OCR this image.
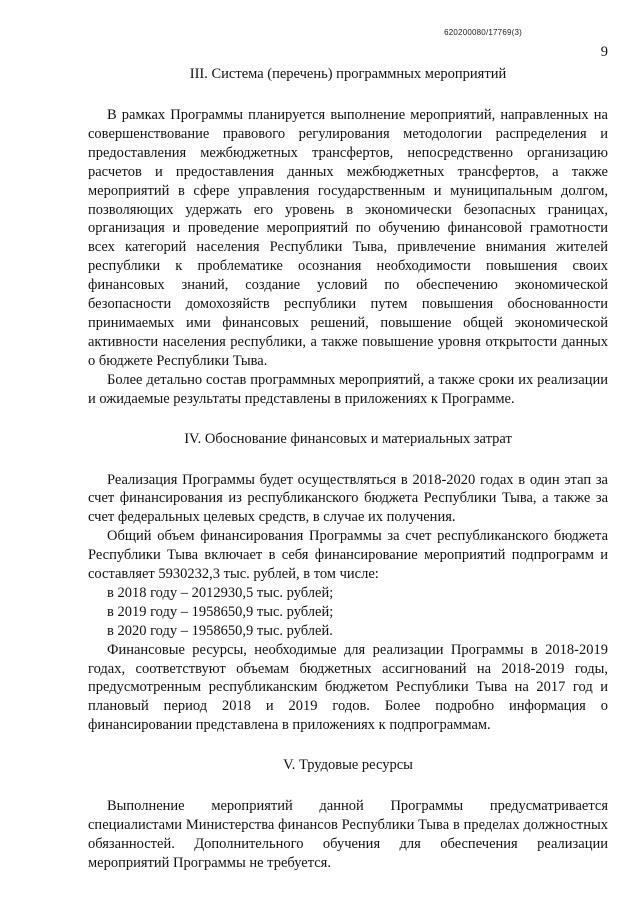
620200080/17769(3)
9
III. Система (перечень) программных мероприятий

В рамках Программы планируется выполнение мероприятий, направленных на совершенствование правового регулирования методологии распределения и предоставления межбюджетных трансфертов, непосредственно организацию расчетов и предоставления данных межбюджетных трансфертов, а также мероприятий в сфере управления государственным и муниципальным долгом, позволяющих удержать его уровень в экономически безопасных границах, организация и проведение мероприятий по обучению финансовой грамотности всех категорий населения Республики Тыва, привлечение внимания жителей республики к проблематике осознания необходимости повышения своих финансовых знаний, создание условий по обеспечению экономической безопасности домохозяйств республики путем повышения обоснованности принимаемых ими финансовых решений, повышение общей экономической активности населения республики, а также повышение уровня открытости данных о бюджете Республики Тыва.

Более детально состав программных мероприятий, а также сроки их реализации и ожидаемые результаты представлены в приложениях к Программе.

IV. Обоснование финансовых и материальных затрат

Реализация Программы будет осуществляться в 2018-2020 годах в один этап за счет финансирования из республиканского бюджета Республики Тыва, а также за счет федеральных целевых средств, в случае их получения.

Общий объем финансирования Программы за счет республиканского бюджета Республики Тыва включает в себя финансирование мероприятий подпрограмм и составляет 5930232,3 тыс. рублей, в том числе:

в 2018 году – 2012930,5 тыс. рублей;

в 2019 году – 1958650,9 тыс. рублей;

в 2020 году – 1958650,9 тыс. рублей.

Финансовые ресурсы, необходимые для реализации Программы в 2018-2019 годах, соответствуют объемам бюджетных ассигнований на 2018-2019 годы, предусмотренным республиканским бюджетом Республики Тыва на 2017 год и плановый период 2018 и 2019 годов. Более подробно информация о финансировании представлена в приложениях к подпрограммам.

V. Трудовые ресурсы

Выполнение мероприятий данной Программы предусматривается специалистами Министерства финансов Республики Тыва в пределах должностных обязанностей. Дополнительного обучения для обеспечения реализации мероприятий Программы не требуется.
